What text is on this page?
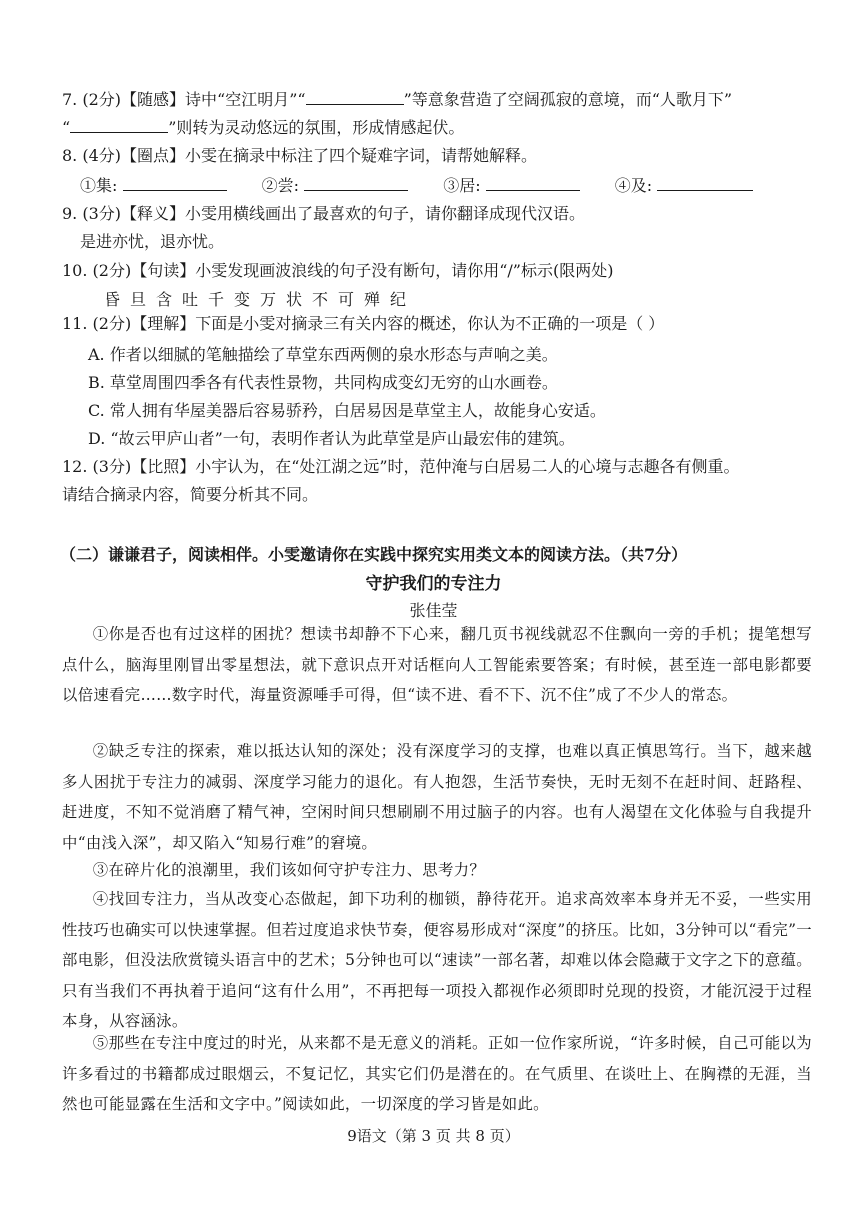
7. (2分)【随感】诗中“空江明月”“	”等意象营造了空阔孤寂的意境，而“人歌月下”
“	”则转为灵动悠远的氛围，形成情感起伏。
8. (4分)【圈点】小雯在摘录中标注了四个疑难字词，请帮她解释。
①集:	②尝:	③居:	④及:
9. (3分)【释义】小雯用横线画出了最喜欢的句子，请你翻译成现代汉语。
是进亦忧，退亦忧。
10. (2分)【句读】小雯发现画波浪线的句子没有断句，请你用“/”标示(限两处)
昏旦含吐千变万状不可殚纪
11. (2分)【理解】下面是小雯对摘录三有关内容的概述，你认为不正确的一项是（ ）
A. 作者以细腻的笔触描绘了草堂东西两侧的泉水形态与声响之美。
B. 草堂周围四季各有代表性景物，共同构成变幻无穷的山水画卷。
C. 常人拥有华屋美器后容易骄矜，白居易因是草堂主人，故能身心安适。
D. “故云甲庐山者”一句，表明作者认为此草堂是庐山最宏伟的建筑。
12. (3分)【比照】小宇认为，在“处江湖之远”时，范仲淹与白居易二人的心境与志趣各有侧重。
请结合摘录内容，简要分析其不同。
（二）谦谦君子，阅读相伴。小雯邀请你在实践中探究实用类文本的阅读方法。（共7分）
守护我们的专注力
张佳莹
①你是否也有过这样的困扰？想读书却静不下心来，翻几页书视线就忍不住飘向一旁的手机；提笔想写点什么，脑海里刚冒出零星想法，就下意识点开对话框向人工智能索要答案；有时候，甚至连一部电影都要以倍速看完……数字时代，海量资源唾手可得，但“读不进、看不下、沉不住”成了不少人的常态。
②缺乏专注的探索，难以抵达认知的深处；没有深度学习的支撑，也难以真正慎思笃行。当下，越来越多人困扰于专注力的减弱、深度学习能力的退化。有人抱怨，生活节奏快，无时无刻不在赶时间、赶路程、赶进度，不知不觉消磨了精气神，空闲时间只想刷刷不用过脑子的内容。也有人渴望在文化体验与自我提升中“由浅入深”，却又陷入“知易行难”的窘境。
③在碎片化的浪潮里，我们该如何守护专注力、思考力？
④找回专注力，当从改变心态做起，卸下功利的枷锁，静待花开。追求高效率本身并无不妥，一些实用性技巧也确实可以快速掌握。但若过度追求快节奏，便容易形成对“深度”的挤压。比如，3分钟可以“看完”一部电影，但没法欣赏镜头语言中的艺术；5分钟也可以“速读”一部名著，却难以体会隐藏于文字之下的意蕴。只有当我们不再执着于追问“这有什么用”，不再把每一项投入都视作必须即时兑现的投资，才能沉浸于过程本身，从容涵泳。
⑤那些在专注中度过的时光，从来都不是无意义的消耗。正如一位作家所说，“许多时候，自己可能以为许多看过的书籍都成过眼烟云，不复记忆，其实它们仍是潜在的。在气质里、在谈吐上、在胸襟的无涯，当然也可能显露在生活和文字中。”阅读如此，一切深度的学习皆是如此。
9语文（第 3 页 共 8 页）
